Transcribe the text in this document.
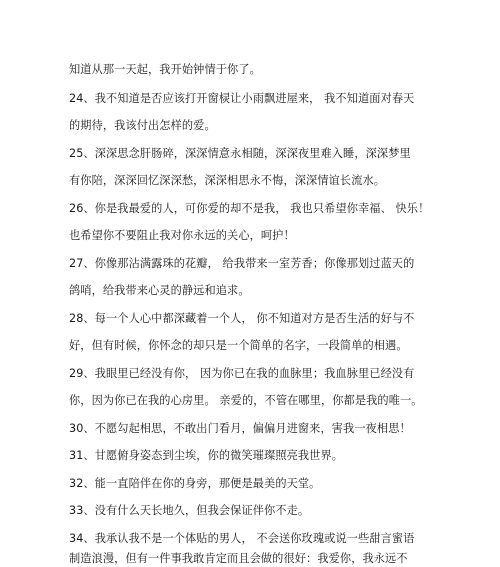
知道从那一天起，我开始钟情于你了。
24、我不知道是否应该打开窗棂让小雨飘进屋来， 我不知道面对春天
的期待，我该付出怎样的爱。
25、深深思念肝肠碎，深深情意永相随，深深夜里难入睡，深深梦里
有你陪，深深回忆深深愁，深深相思永不悔，深深情谊长流水。
26、你是我最爱的人，可你爱的却不是我， 我也只希望你幸福、 快乐！
也希望你不要阻止我对你永远的关心，呵护！
27、你像那沾满露珠的花瓣， 给我带来一室芳香；你像那划过蓝天的
鸽哨，给我带来心灵的静远和追求。
28、每一个人心中都深藏着一个人， 你不知道对方是否生活的好与不
好，但有时候，你怀念的却只是一个简单的名字，一段简单的相遇。
29、我眼里已经没有你， 因为你已在我的血脉里；我血脉里已经没有
你，因为你已在我的心房里。 亲爱的，不管在哪里，你都是我的唯一。
30、不愿勾起相思，不敢出门看月，偏偏月进窗来，害我一夜相思！
31、甘愿俯身姿态到尘埃，你的微笑璀璨照亮我世界。
32、能一直陪伴在你的身旁，那便是最美的天堂。
33、没有什么天长地久，但我会保证伴你不走。
34、我承认我不是一个体贴的男人， 不会送你玫瑰或说一些甜言蜜语
制造浪漫，但有一件事我敢肯定而且会做的很好：我爱你，我永远不
